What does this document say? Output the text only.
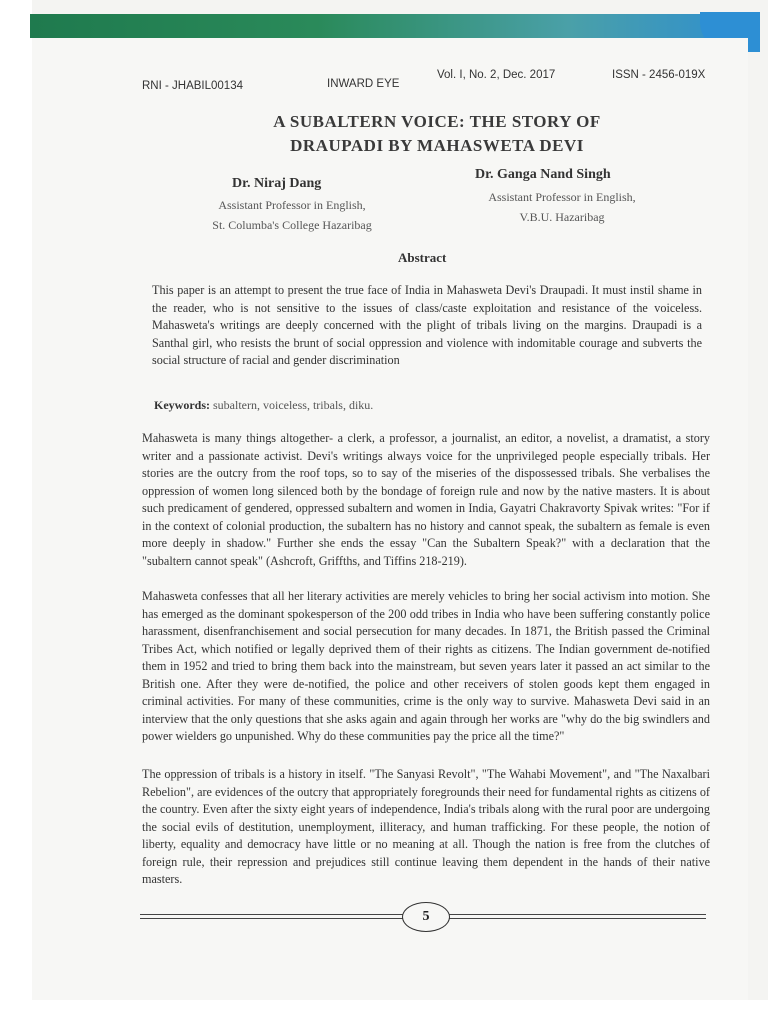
RNI - JHABIL00134	INWARD EYE
Vol. I, No. 2, Dec. 2017	ISSN - 2456-019X
A SUBALTERN VOICE: THE STORY OF
DRAUPADI BY MAHASWETA DEVI
Dr. Niraj Dang
Assistant Professor in English,
St. Columba's College Hazaribag
Dr. Ganga Nand Singh
Assistant Professor in English,
V.B.U. Hazaribag
Abstract

This paper is an attempt to present the true face of India in Mahasweta Devi's Draupadi. It must instil shame in the reader, who is not sensitive to the issues of class/caste exploitation and resistance of the voiceless. Mahasweta's writings are deeply concerned with the plight of tribals living on the margins. Draupadi is a Santhal girl, who resists the brunt of social oppression and violence with indomitable courage and subverts the social structure of racial and gender discrimination

Keywords: subaltern, voiceless, tribals, diku.

Mahasweta is many things altogether- a clerk, a professor, a journalist, an editor, a novelist, a dramatist, a story writer and a passionate activist. Devi's writings always voice for the unprivileged people especially tribals. Her stories are the outcry from the roof tops, so to say of the miseries of the dispossessed tribals. She verbalises the oppression of women long silenced both by the bondage of foreign rule and now by the native masters. It is about such predicament of gendered, oppressed subaltern and women in India, Gayatri Chakravorty Spivak writes: "For if in the context of colonial production, the subaltern has no history and cannot speak, the subaltern as female is even more deeply in shadow." Further she ends the essay "Can the Subaltern Speak?" with a declaration that the "subaltern cannot speak" (Ashcroft, Griffths, and Tiffins 218-219).

Mahasweta confesses that all her literary activities are merely vehicles to bring her social activism into motion. She has emerged as the dominant spokesperson of the 200 odd tribes in India who have been suffering constantly police harassment, disenfranchisement and social persecution for many decades. In 1871, the British passed the Criminal Tribes Act, which notified or legally deprived them of their rights as citizens. The Indian government de-notified them in 1952 and tried to bring them back into the mainstream, but seven years later it passed an act similar to the British one. After they were de-notified, the police and other receivers of stolen goods kept them engaged in criminal activities. For many of these communities, crime is the only way to survive. Mahasweta Devi said in an interview that the only questions that she asks again and again through her works are "why do the big swindlers and power wielders go unpunished. Why do these communities pay the price all the time?"

The oppression of tribals is a history in itself. "The Sanyasi Revolt", "The Wahabi Movement", and "The Naxalbari Rebelion", are evidences of the outcry that appropriately foregrounds their need for fundamental rights as citizens of the country. Even after the sixty eight years of independence, India's tribals along with the rural poor are undergoing the social evils of destitution, unemployment, illiteracy, and human trafficking. For these people, the notion of liberty, equality and democracy have little or no meaning at all. Though the nation is free from the clutches of foreign rule, their repression and prejudices still continue leaving them dependent in the hands of their native masters.

5
